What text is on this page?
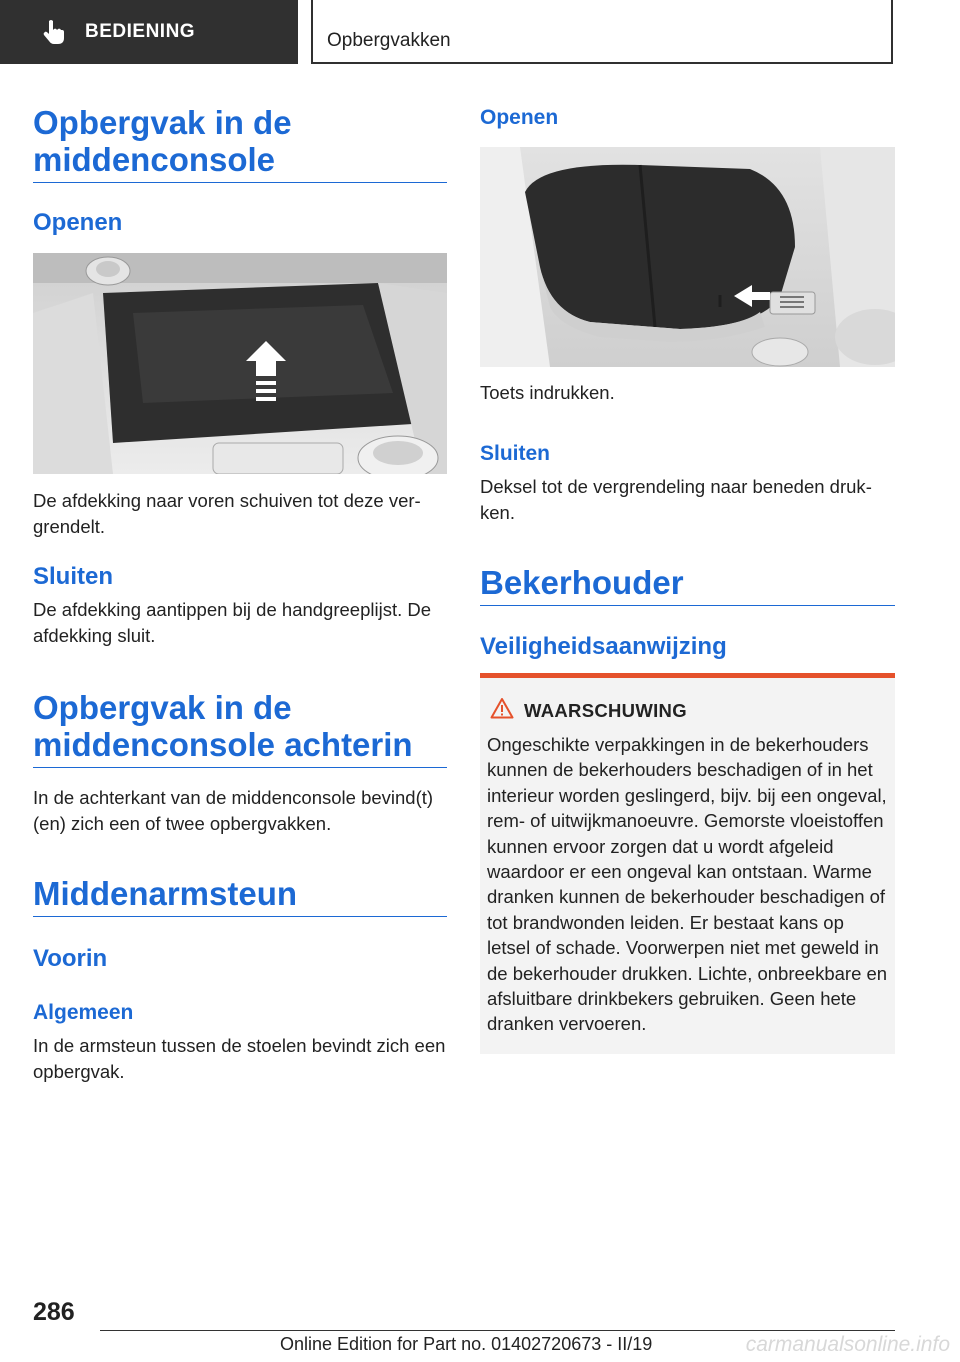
BEDIENING	Opbergvakken
Opbergvak in de middenconsole
Openen
De afdekking naar voren schuiven tot deze vergrendelt.
Sluiten
De afdekking aantippen bij de handgreeplijst. De afdekking sluit.
Opbergvak in de middenconsole achterin
In de achterkant van de middenconsole bevind(t)(en) zich een of twee opbergvakken.
Middenarmsteun
Voorin
Algemeen
In de armsteun tussen de stoelen bevindt zich een opbergvak.
Openen
Toets indrukken.
Sluiten
Deksel tot de vergrendeling naar beneden drukken.
Bekerhouder
Veiligheidsaanwijzing
WAARSCHUWING
Ongeschikte verpakkingen in de bekerhouders kunnen de bekerhouders beschadigen of in het interieur worden geslingerd, bijv. bij een ongeval, rem- of uitwijkmanoeuvre. Gemorste vloeistoffen kunnen ervoor zorgen dat u wordt afgeleid waardoor er een ongeval kan ontstaan. Warme dranken kunnen de bekerhouder beschadigen of tot brandwonden leiden. Er bestaat kans op letsel of schade. Voorwerpen niet met geweld in de bekerhouder drukken. Lichte, onbreekbare en afsluitbare drinkbekers gebruiken. Geen hete dranken vervoeren.
286
Online Edition for Part no. 01402720673 - II/19	carmanualsonline.info
